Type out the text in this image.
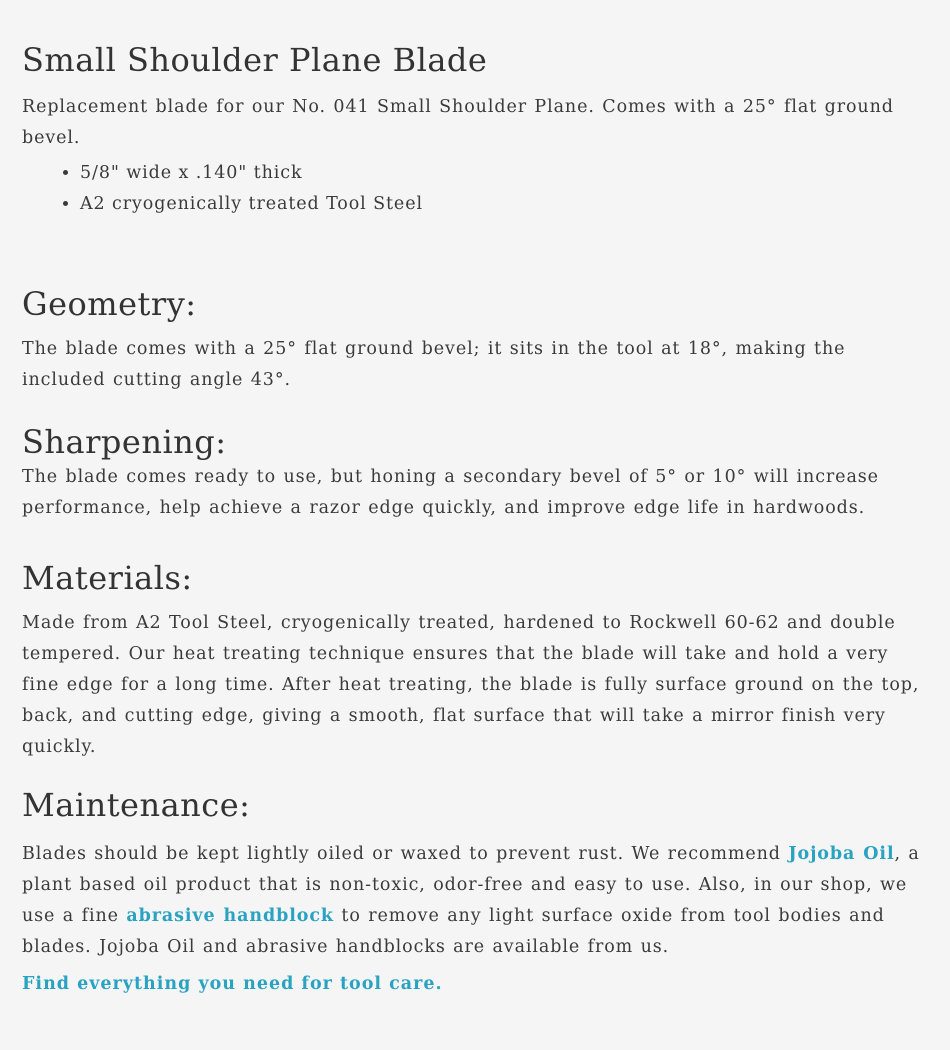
Small Shoulder Plane Blade

Replacement blade for our No. 041 Small Shoulder Plane. Comes with a 25° flat ground bevel.

• 5/8" wide x .140" thick
• A2 cryogenically treated Tool Steel
Geometry:

The blade comes with a 25° flat ground bevel; it sits in the tool at 18°, making the included cutting angle 43°.

Sharpening:

The blade comes ready to use, but honing a secondary bevel of 5° or 10° will increase performance, help achieve a razor edge quickly, and improve edge life in hardwoods.

Materials:

Made from A2 Tool Steel, cryogenically treated, hardened to Rockwell 60-62 and double tempered. Our heat treating technique ensures that the blade will take and hold a very fine edge for a long time. After heat treating, the blade is fully surface ground on the top, back, and cutting edge, giving a smooth, flat surface that will take a mirror finish very quickly.

Maintenance:

Blades should be kept lightly oiled or waxed to prevent rust. We recommend Jojoba Oil, a plant based oil product that is non-toxic, odor-free and easy to use. Also, in our shop, we use a fine abrasive handblock to remove any light surface oxide from tool bodies and blades. Jojoba Oil and abrasive handblocks are available from us.

Find everything you need for tool care.
